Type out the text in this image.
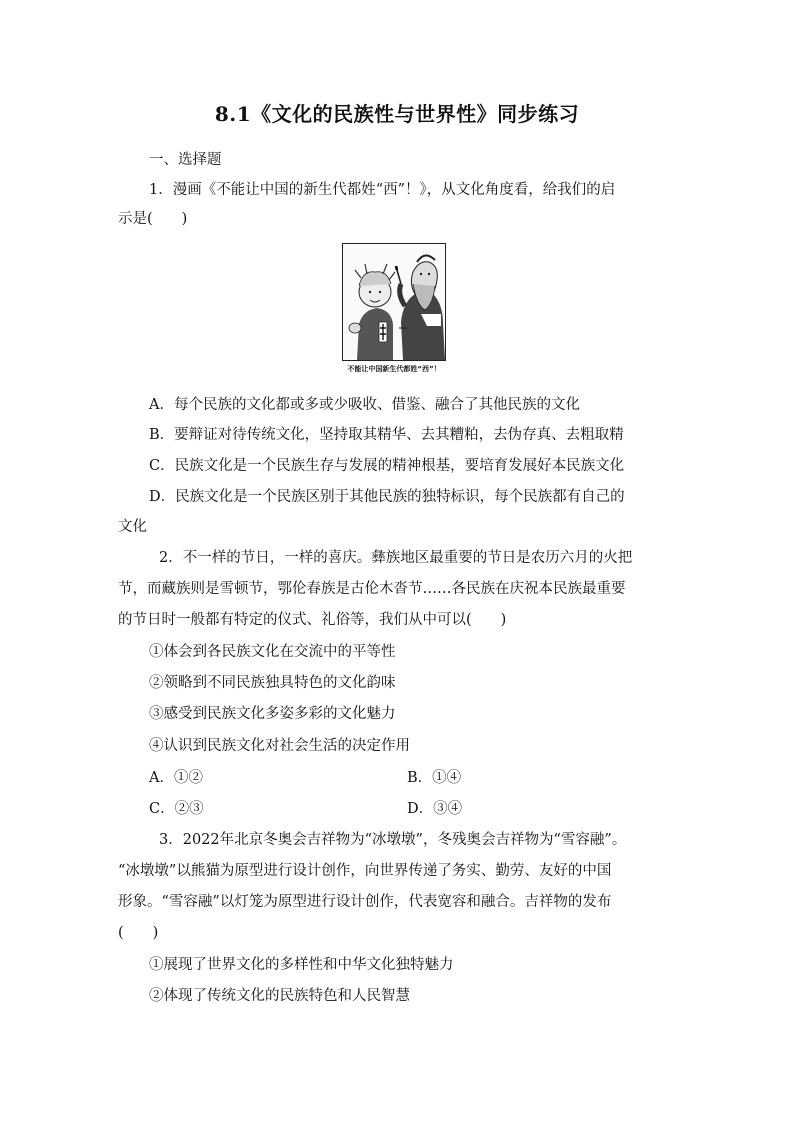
8.1《文化的民族性与世界性》同步练习
一、选择题
1．漫画《不能让中国的新生代都姓“西”！》，从文化角度看，给我们的启
示是(　　)
不能让中国新生代都姓“西”！
A．每个民族的文化都或多或少吸收、借鉴、融合了其他民族的文化
B．要辩证对待传统文化，坚持取其精华、去其糟粕，去伪存真、去粗取精
C．民族文化是一个民族生存与发展的精神根基，要培育发展好本民族文化
D．民族文化是一个民族区别于其他民族的独特标识，每个民族都有自己的
文化
2．不一样的节日，一样的喜庆。彝族地区最重要的节日是农历六月的火把
节，而藏族则是雪顿节，鄂伦春族是古伦木沓节……各民族在庆祝本民族最重要
的节日时一般都有特定的仪式、礼俗等，我们从中可以(　　)
①体会到各民族文化在交流中的平等性
②领略到不同民族独具特色的文化韵味
③感受到民族文化多姿多彩的文化魅力
④认识到民族文化对社会生活的决定作用
A．①②	B．①④
C．②③	D．③④
3．2022年北京冬奥会吉祥物为“冰墩墩”，冬残奥会吉祥物为“雪容融”。
“冰墩墩”以熊猫为原型进行设计创作，向世界传递了务实、勤劳、友好的中国
形象。“雪容融”以灯笼为原型进行设计创作，代表宽容和融合。吉祥物的发布
(　　)
①展现了世界文化的多样性和中华文化独特魅力
②体现了传统文化的民族特色和人民智慧
